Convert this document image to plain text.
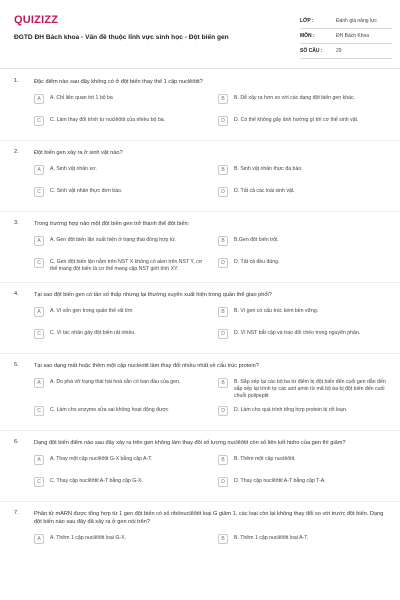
QUIZIZZ
ĐGTD ĐH Bách khoa - Vấn đề thuộc lĩnh vực sinh học - Đột biến gen
LỚP :	Đánh giá năng lực
MÔN :	ĐH Bách Khoa
SỐ CÂU :	29
1.	Đặc điểm nào sau đây không có ở đột biến thay thế 1 cặp nuclêôtit?
A	A. Chỉ liên quan tới 1 bộ ba	B	B. Dễ xảy ra hơn so với các dạng đột biến gen khác.
C	C. Làm thay đổi trình tự nuclêôtit của nhiều bộ ba.	D	D. Có thể không gây ảnh hưởng gì tới cơ thể sinh vật.
2.	Đột biến gen xảy ra ở sinh vật nào?
A	A. Sinh vật nhân sơ.	B	B. Sinh vật nhân thực đa bào.
C	C. Sinh vật nhân thực đơn bào.	D	D. Tất cả các loài sinh vật.
3.	Trong trường hợp nào một đột biến gen trở thành thể đột biến:
A	A. Gen đột biến lặn xuất hiện ở trạng thái đồng hợp tử.	B	B.Gen đột biến trội.
C	C. Gen đột biến lặn nằm trên NST X không có alen trên NST Y, cơ thể mang đột biến là cơ thể mang cặp NST giới tính XY.
D	D. Tất cả đều đúng.
4.	Tại sao đột biến gen có tần số thấp nhưng lại thường xuyên xuất hiện trong quần thể giao phối?
A	A. Vì vốn gen trong quần thể rất lớn	B	B. Vì gen có cấu trúc kém bền vững.
C	C. Vì tác nhân gây đột biến rất nhiều.	D	D. Vì NST bắt cặp và trao đổi chéo trong nguyên phân.
5.	Tại sao dạng mất hoặc thêm một cặp nucleotit làm thay đổi nhiều nhất về cấu trúc protein?
A	A. Do phá vỡ trạng thái hài hoà sẵn có ban đầu của gen.	B	B. Sắp xếp lại các bộ ba từ điểm bị đột biến đến cuối gen dẫn đến sắp xếp lại trình tự các axit amin từ mã bộ ba bị đột biến đến cuối chuỗi polipeptit
C	C. Làm cho enzyme sửa sai không hoạt động được	D	D. Làm cho quá trình tổng hợp protein bị rối loạn.
6.	Dạng đột biến điểm nào sau đây xảy ra trên gen không làm thay đổi số lượng nuclêôtit còn số liên kết hidro của gen thì giảm?
A	A. Thay một cặp nuclêôtit G-X bằng cặp A-T.	B	B. Thêm một cặp nuclêôtit.
C	C. Thay cặp nuclêôtit A-T bằng cặp G-X.	D	D. Thay cặp nuclêôtit A-T bằng cặp T-A.
7.	Phân tử mARN được tổng hợp từ 1 gen đột biến có số ribônuclêôtit loại G giảm 1, các loại còn lại không thay đổi so với trước đột biến. Dạng đột biến nào sau đây đã xảy ra ở gen nói trên?
A	A. Thêm 1 cặp nuclêôtit loại G-X.	B	B. Thêm 1 cặp nuclêôtit loại A-T.
